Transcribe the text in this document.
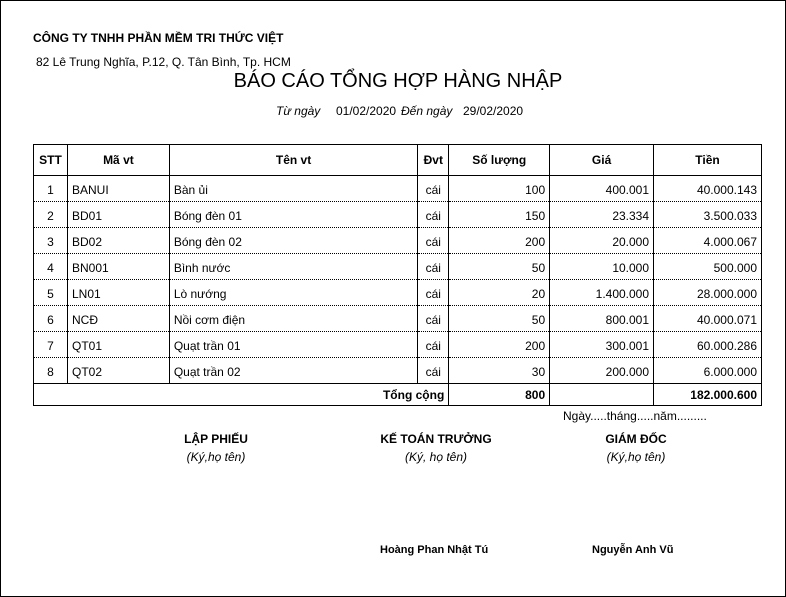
CÔNG TY TNHH PHẦN MỀM TRI THỨC VIỆT
82 Lê Trung Nghĩa, P.12, Q. Tân Bình, Tp. HCM
BÁO CÁO TỔNG HỢP HÀNG NHẬP
Từ ngày 01/02/2020 Đến ngày 29/02/2020
STT	Mã vt	Tên vt	Đvt	Số lượng	Giá	Tiền
1	BANUI	Bàn ủi	cái	100	400.001	40.000.143
2	BD01	Bóng đèn 01	cái	150	23.334	3.500.033
3	BD02	Bóng đèn 02	cái	200	20.000	4.000.067
4	BN001	Bình nước	cái	50	10.000	500.000
5	LN01	Lò nướng	cái	20	1.400.000	28.000.000
6	NCĐ	Nồi cơm điện	cái	50	800.001	40.000.071
7	QT01	Quạt trần 01	cái	200	300.001	60.000.286
8	QT02	Quạt trần 02	cái	30	200.000	6.000.000
Tổng cộng				800		182.000.600
Ngày.....tháng.....năm.........
LẬP PHIẾU
(Ký,họ tên)
KẾ TOÁN TRƯỞNG
(Ký, họ tên)
GIÁM ĐỐC
(Ký,họ tên)
Hoàng Phan Nhật Tú	Nguyễn Anh Vũ
